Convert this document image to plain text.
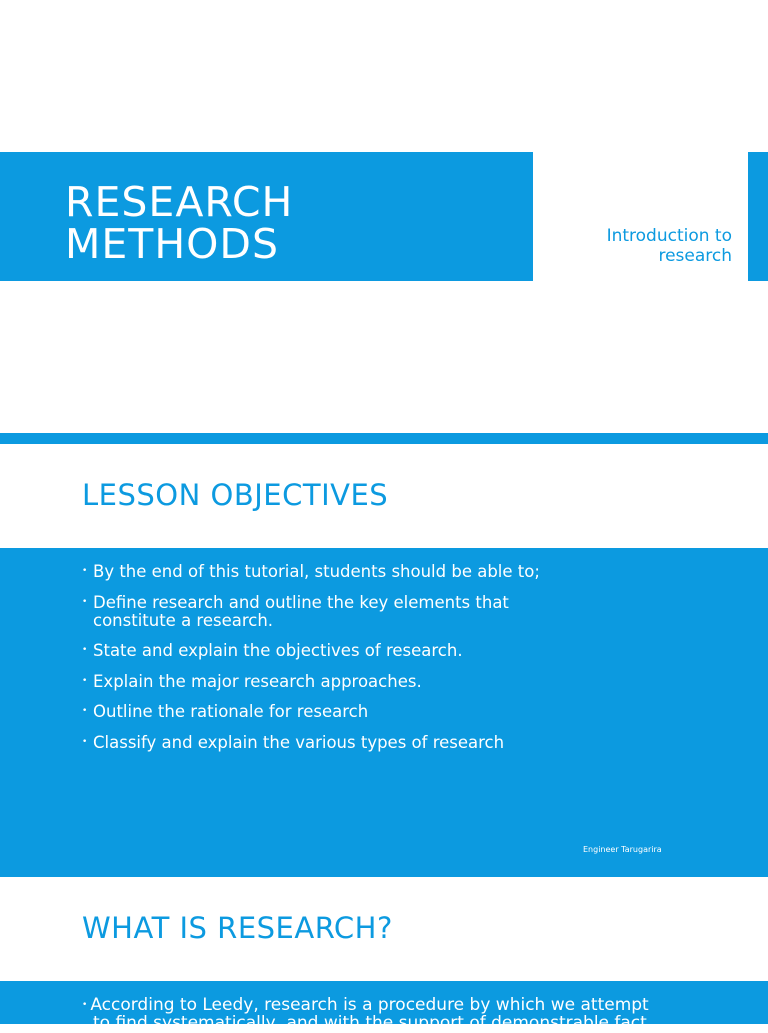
RESEARCH
METHODS	Introduction to
research

LESSON OBJECTIVES
• By the end of this tutorial, students should be able to;
• Define research and outline the key elements that constitute a research.
• State and explain the objectives of research.
• Explain the major research approaches.
• Outline the rationale for research
• Classify and explain the various types of research
Engineer Tarugarira
WHAT IS RESEARCH?

• According to Leedy, research is a procedure by which we attempt
to find systematically, and with the support of demonstrable fact,
